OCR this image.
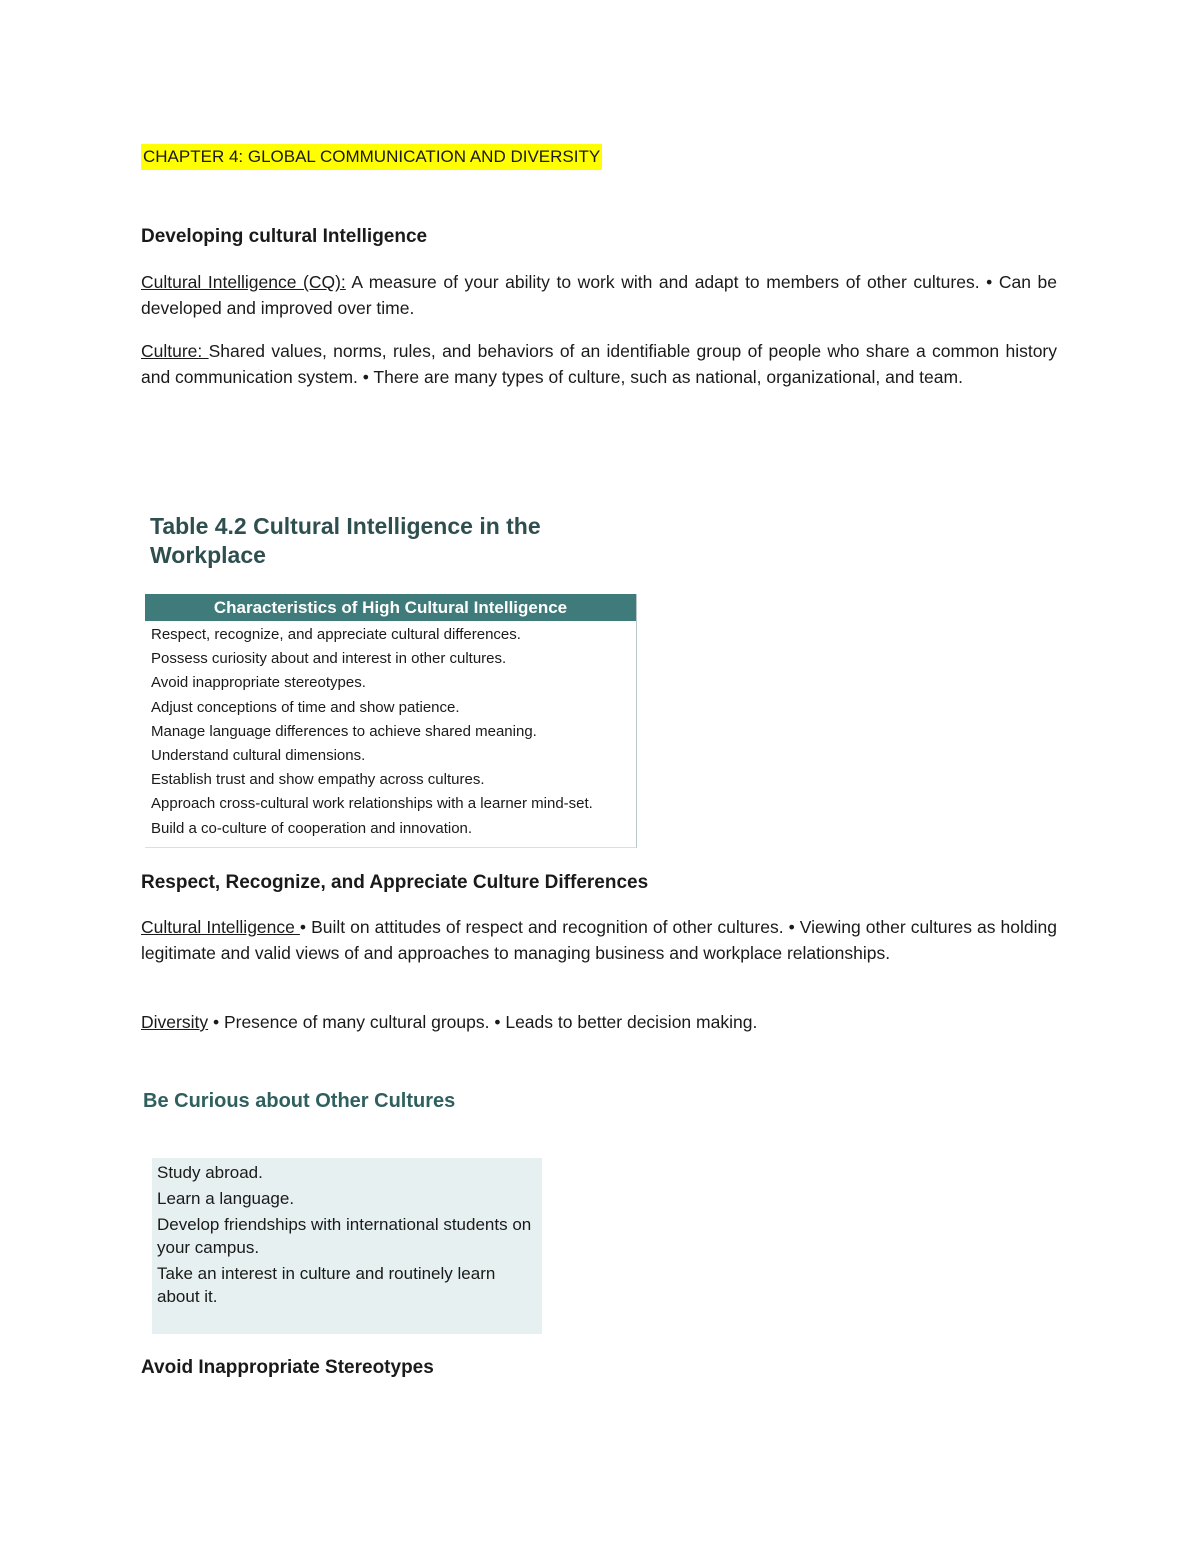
CHAPTER 4: GLOBAL COMMUNICATION AND DIVERSITY
Developing cultural Intelligence
Cultural Intelligence (CQ): A measure of your ability to work with and adapt to members of other cultures. • Can be developed and improved over time.
Culture: Shared values, norms, rules, and behaviors of an identifiable group of people who share a common history and communication system. • There are many types of culture, such as national, organizational, and team.
Table 4.2 Cultural Intelligence in the Workplace
Characteristics of High Cultural Intelligence
Respect, recognize, and appreciate cultural differences.
Possess curiosity about and interest in other cultures.
Avoid inappropriate stereotypes.
Adjust conceptions of time and show patience.
Manage language differences to achieve shared meaning.
Understand cultural dimensions.
Establish trust and show empathy across cultures.
Approach cross-cultural work relationships with a learner mind-set.
Build a co-culture of cooperation and innovation.
Respect, Recognize, and Appreciate Culture Differences
Cultural Intelligence • Built on attitudes of respect and recognition of other cultures. • Viewing other cultures as holding legitimate and valid views of and approaches to managing business and workplace relationships.
Diversity • Presence of many cultural groups. • Leads to better decision making.
Be Curious about Other Cultures
Study abroad.
Learn a language.
Develop friendships with international students on your campus.
Take an interest in culture and routinely learn about it.
Avoid Inappropriate Stereotypes
